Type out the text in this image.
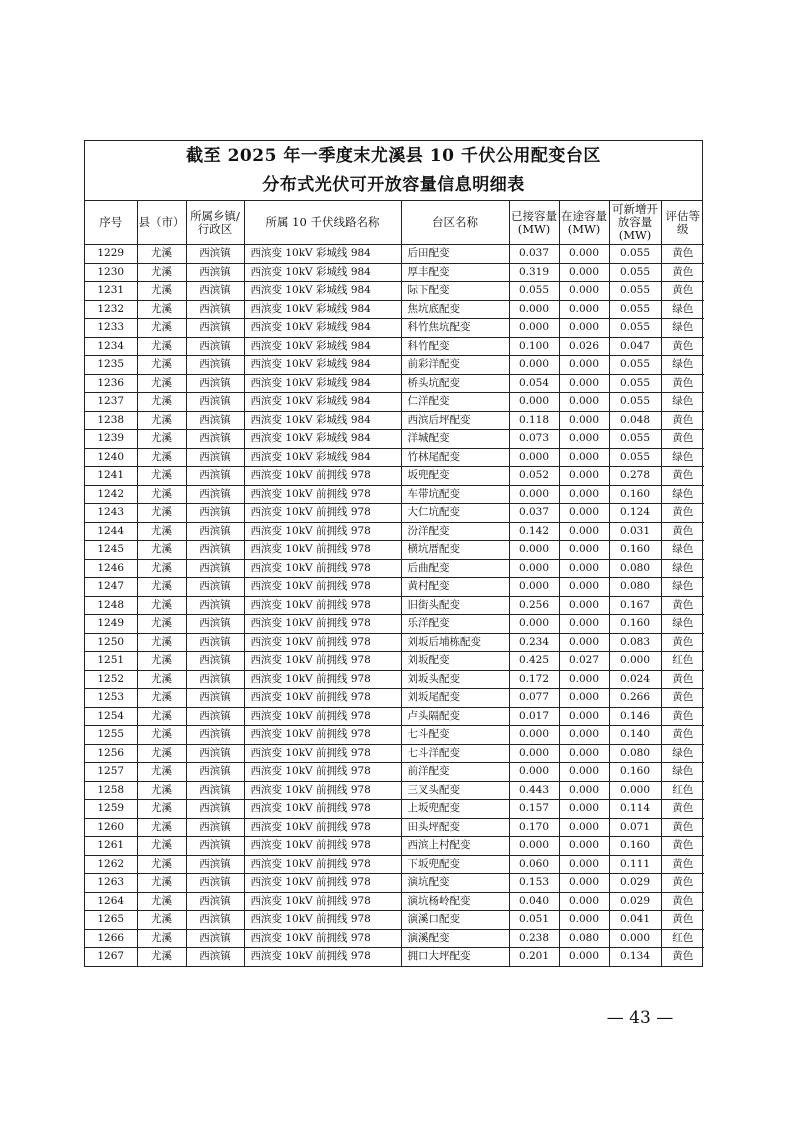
截至 2025 年一季度末尤溪县 10 千伏公用配变台区
分布式光伏可开放容量信息明细表
序号	县（市）	所属乡镇/行政区	所属 10 千伏线路名称	台区名称	已接容量(MW)	在途容量(MW)	可新增开放容量(MW)	评估等级
1229	尤溪	西滨镇	西滨变 10kV 彩城线 984	后田配变	0.037	0.000	0.055	黄色
1230	尤溪	西滨镇	西滨变 10kV 彩城线 984	厚丰配变	0.319	0.000	0.055	黄色
1231	尤溪	西滨镇	西滨变 10kV 彩城线 984	际下配变	0.055	0.000	0.055	黄色
1232	尤溪	西滨镇	西滨变 10kV 彩城线 984	焦坑底配变	0.000	0.000	0.055	绿色
1233	尤溪	西滨镇	西滨变 10kV 彩城线 984	科竹焦坑配变	0.000	0.000	0.055	绿色
1234	尤溪	西滨镇	西滨变 10kV 彩城线 984	科竹配变	0.100	0.026	0.047	黄色
1235	尤溪	西滨镇	西滨变 10kV 彩城线 984	前彩洋配变	0.000	0.000	0.055	绿色
1236	尤溪	西滨镇	西滨变 10kV 彩城线 984	桥头坑配变	0.054	0.000	0.055	黄色
1237	尤溪	西滨镇	西滨变 10kV 彩城线 984	仁洋配变	0.000	0.000	0.055	绿色
1238	尤溪	西滨镇	西滨变 10kV 彩城线 984	西滨后坪配变	0.118	0.000	0.048	黄色
1239	尤溪	西滨镇	西滨变 10kV 彩城线 984	洋城配变	0.073	0.000	0.055	黄色
1240	尤溪	西滨镇	西滨变 10kV 彩城线 984	竹林尾配变	0.000	0.000	0.055	绿色
1241	尤溪	西滨镇	西滨变 10kV 前拥线 978	坂兜配变	0.052	0.000	0.278	黄色
1242	尤溪	西滨镇	西滨变 10kV 前拥线 978	车带坑配变	0.000	0.000	0.160	绿色
1243	尤溪	西滨镇	西滨变 10kV 前拥线 978	大仁坑配变	0.037	0.000	0.124	黄色
1244	尤溪	西滨镇	西滨变 10kV 前拥线 978	汾洋配变	0.142	0.000	0.031	黄色
1245	尤溪	西滨镇	西滨变 10kV 前拥线 978	横坑厝配变	0.000	0.000	0.160	绿色
1246	尤溪	西滨镇	西滨变 10kV 前拥线 978	后曲配变	0.000	0.000	0.080	绿色
1247	尤溪	西滨镇	西滨变 10kV 前拥线 978	黄村配变	0.000	0.000	0.080	绿色
1248	尤溪	西滨镇	西滨变 10kV 前拥线 978	旧街头配变	0.256	0.000	0.167	黄色
1249	尤溪	西滨镇	西滨变 10kV 前拥线 978	乐洋配变	0.000	0.000	0.160	绿色
1250	尤溪	西滨镇	西滨变 10kV 前拥线 978	刘坂后埔栋配变	0.234	0.000	0.083	黄色
1251	尤溪	西滨镇	西滨变 10kV 前拥线 978	刘坂配变	0.425	0.027	0.000	红色
1252	尤溪	西滨镇	西滨变 10kV 前拥线 978	刘坂头配变	0.172	0.000	0.024	黄色
1253	尤溪	西滨镇	西滨变 10kV 前拥线 978	刘坂尾配变	0.077	0.000	0.266	黄色
1254	尤溪	西滨镇	西滨变 10kV 前拥线 978	卢头隔配变	0.017	0.000	0.146	黄色
1255	尤溪	西滨镇	西滨变 10kV 前拥线 978	七斗配变	0.000	0.000	0.140	黄色
1256	尤溪	西滨镇	西滨变 10kV 前拥线 978	七斗洋配变	0.000	0.000	0.080	绿色
1257	尤溪	西滨镇	西滨变 10kV 前拥线 978	前洋配变	0.000	0.000	0.160	绿色
1258	尤溪	西滨镇	西滨变 10kV 前拥线 978	三叉头配变	0.443	0.000	0.000	红色
1259	尤溪	西滨镇	西滨变 10kV 前拥线 978	上坂兜配变	0.157	0.000	0.114	黄色
1260	尤溪	西滨镇	西滨变 10kV 前拥线 978	田头坪配变	0.170	0.000	0.071	黄色
1261	尤溪	西滨镇	西滨变 10kV 前拥线 978	西滨上村配变	0.000	0.000	0.160	黄色
1262	尤溪	西滨镇	西滨变 10kV 前拥线 978	下坂兜配变	0.060	0.000	0.111	黄色
1263	尤溪	西滨镇	西滨变 10kV 前拥线 978	演坑配变	0.153	0.000	0.029	黄色
1264	尤溪	西滨镇	西滨变 10kV 前拥线 978	演坑杨岭配变	0.040	0.000	0.029	黄色
1265	尤溪	西滨镇	西滨变 10kV 前拥线 978	演溪口配变	0.051	0.000	0.041	黄色
1266	尤溪	西滨镇	西滨变 10kV 前拥线 978	演溪配变	0.238	0.080	0.000	红色
1267	尤溪	西滨镇	西滨变 10kV 前拥线 978	拥口大坪配变	0.201	0.000	0.134	黄色
— 43 —
